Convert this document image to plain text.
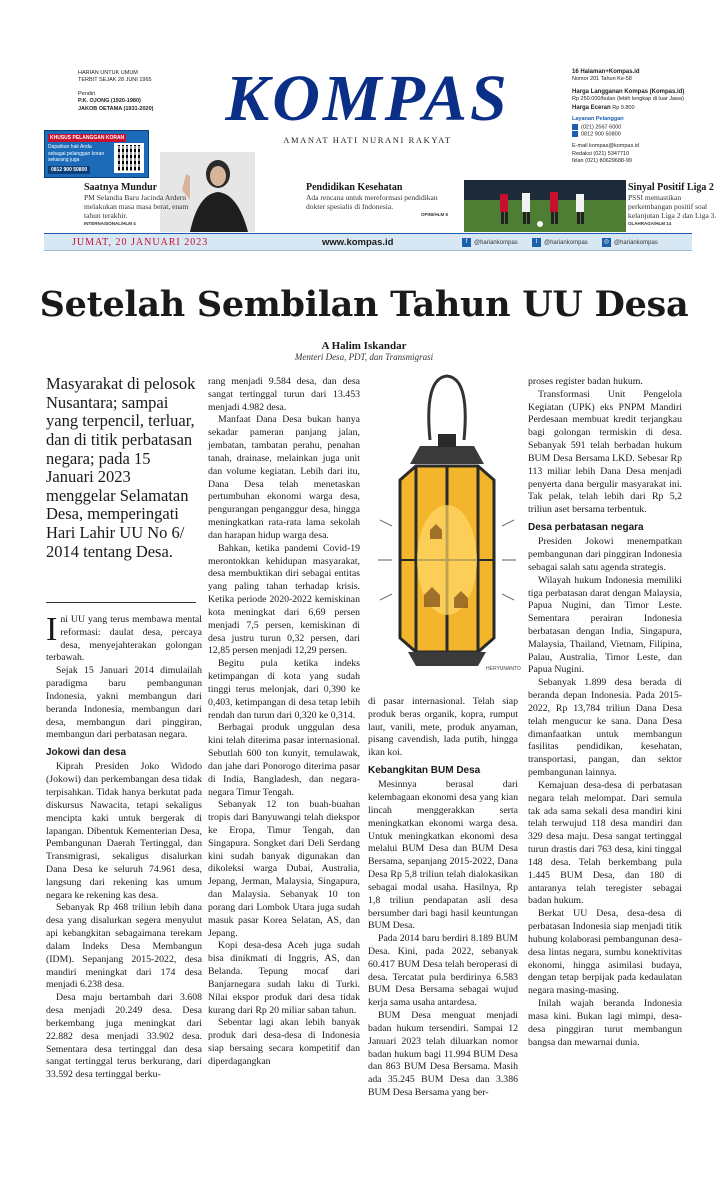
HARIAN UNTUK UMUM
TERBIT SEJAK 28 JUNI 1965
Pendiri
P.K. OJONG (1920-1980)
JAKOB OETAMA (1931-2020)	KOMPAS
AMANAT HATI NURANI RAKYAT
16 Halaman+Kompas.id
Nomor 201 Tahun Ke-58
Harga Langganan Kompas (Kompas.id)
Rp 250.000/bulan (lebih lengkap di luar Jawa)
Harga Eceran Rp 9.800
Layanan Pelanggan
(021) 2567 6000
0812 900 50800
E-mail kompas@kompas.id
Redaksi (021) 5347710
Iklan (021) 80629688-99
KHUSUS PELANGGAN KORAN
Dapatkan hak Anda sebagai pelanggan koran sekarang juga
0812 900 50800
Saatnya Mundur
PM Selandia Baru Jacinda Ardern melakukan masa masa berat, enam tahun terakhir.
INTERNASIONAL/HLM 4
Pendidikan Kesehatan
Ada rencana untuk mereformasi pendidikan dokter spesialis di Indonesia.
OPINI/HLM 6
Sinyal Positif Liga 2
PSSI memastikan perkembangan positif soal kelanjutan Liga 2 dan Liga 3.
OLAHRAGA/HLM 14
JUMAT, 20 JANUARI 2023	www.kompas.id	f @hariankompas	t @hariankompas	◎ @hariankompas
Setelah Sembilan Tahun UU Desa
A Halim Iskandar
Menteri Desa, PDT, dan Transmigrasi
Masyarakat di pelosok Nusantara; sampai yang terpencil, terluar, dan di titik perbatasan negara; pada 15 Januari 2023 menggelar Selamatan Desa, memperingati Hari Lahir UU No 6/ 2014 tentang Desa.

Ini UU yang terus membawa mental reformasi: daulat desa, percaya desa, menyejahterakan golongan terbawah.

Sejak 15 Januari 2014 dimulailah paradigma baru pembangunan Indonesia, yakni membangun dari beranda Indonesia, membangun dari desa, membangun dari pinggiran, membangun dari perbatasan negara.

Jokowi dan desa

Kiprah Presiden Joko Widodo (Jokowi) dan perkembangan desa tidak terpisahkan. Tidak hanya berkutat pada diskursus Nawacita, tetapi sekaligus mencipta kaki untuk bergerak di lapangan. Dibentuk Kementerian Desa, Pembangunan Daerah Tertinggal, dan Transmigrasi, sekaligus disalurkan Dana Desa ke seluruh 74.961 desa, langsung dari rekening kas umum negara ke rekening kas desa.

Sebanyak Rp 468 triliun lebih dana desa yang disalurkan segera menyulut api kebangkitan sebagaimana terekam dalam Indeks Desa Membangun (IDM). Sepanjang 2015-2022, desa mandiri meningkat dari 174 desa menjadi 6.238 desa.

Desa maju bertambah dari 3.608 desa menjadi 20.249 desa. Desa berkembang juga meningkat dari 22.882 desa menjadi 33.902 desa. Sementara desa tertinggal dan desa sangat tertinggal terus berkurang, dari 33.592 desa tertinggal berku-

rang menjadi 9.584 desa, dan desa sangat tertinggal turun dari 13.453 menjadi 4.982 desa.

Manfaat Dana Desa bukan hanya sekadar pameran panjang jalan, jembatan, tambatan perahu, penahan tanah, drainase, melainkan juga unit dan volume kegiatan. Lebih dari itu, Dana Desa telah menetaskan pertumbuhan ekonomi warga desa, pengurangan penganggur desa, hingga meningkatkan rata-rata lama sekolah dan harapan hidup warga desa.

Bahkan, ketika pandemi Covid-19 merontokkan kehidupan masyarakat, desa membuktikan diri sebagai entitas yang paling tahan terhadap krisis. Ketika periode 2020-2022 kemiskinan kota meningkat dari 6,69 persen menjadi 7,5 persen, kemiskinan di desa justru turun 0,32 persen, dari 12,85 persen menjadi 12,29 persen.

Begitu pula ketika indeks ketimpangan di kota yang sudah tinggi terus melonjak, dari 0,390 ke 0,403, ketimpangan di desa tetap lebih rendah dan turun dari 0,320 ke 0,314.

Berbagai produk unggulan desa kini telah diterima pasar internasional. Sebutlah 600 ton kunyit, temulawak, dan jahe dari Ponorogo diterima pasar di India, Bangladesh, dan negara-negara Timur Tengah.

Sebanyak 12 ton buah-buahan tropis dari Banyuwangi telah diekspor ke Eropa, Timur Tengah, dan Singapura. Songket dari Deli Serdang kini sudah banyak digunakan dan dikoleksi warga Dubai, Australia, Jepang, Jerman, Malaysia, Singapura, dan Malaysia. Sebanyak 10 ton porang dari Lombok Utara juga sudah masuk pasar Korea Selatan, AS, dan Jepang.

Kopi desa-desa Aceh juga sudah bisa dinikmati di Inggris, AS, dan Belanda. Tepung mocaf dari Banjarnegara sudah laku di Turki. Nilai ekspor produk dari desa tidak kurang dari Rp 20 miliar saban tahun.

Sebentar lagi akan lebih banyak produk dari desa-desa di Indonesia siap bersaing secara kompetitif dan diperdagangkan

di pasar internasional. Telah siap produk beras organik, kopra, rumput laut, vanili, mete, produk anyaman, pisang cavendish, lada putih, hingga ikan koi.

Kebangkitan BUM Desa

Mesinnya berasal dari kelembagaan ekonomi desa yang kian lincah menggerakkan serta meningkatkan ekonomi warga desa. Untuk meningkatkan ekonomi desa melalui BUM Desa dan BUM Desa Bersama, sepanjang 2015-2022, Dana Desa Rp 5,8 triliun telah dialokasikan sebagai modal usaha. Hasilnya, Rp 1,8 triliun pendapatan asli desa bersumber dari bagi hasil keuntungan BUM Desa.

Pada 2014 baru berdiri 8.189 BUM Desa. Kini, pada 2022, sebanyak 60.417 BUM Desa telah beroperasi di desa. Tercatat pula berdirinya 6.583 BUM Desa Bersama sebagai wujud kerja sama usaha antardesa.

BUM Desa menguat menjadi badan hukum tersendiri. Sampai 12 Januari 2023 telah diluarkan nomor badan hukum bagi 11.994 BUM Desa dan 863 BUM Desa Bersama. Masih ada 35.245 BUM Desa dan 3.386 BUM Desa Bersama yang ber-

proses register badan hukum.

Transformasi Unit Pengelola Kegiatan (UPK) eks PNPM Mandiri Perdesaan membuat kredit terjangkau bagi golongan termiskin di desa. Sebanyak 591 telah berbadan hukum BUM Desa Bersama LKD. Sebesar Rp 113 miliar lebih Dana Desa menjadi penyerta dana bergulir masyarakat ini. Tak pelak, telah lebih dari Rp 5,2 triliun aset bersama terbentuk.

Desa perbatasan negara

Presiden Jokowi menempatkan pembangunan dari pinggiran Indonesia sebagai salah satu agenda strategis.

Wilayah hukum Indonesia memiliki tiga perbatasan darat dengan Malaysia, Papua Nugini, dan Timor Leste. Sementara perairan Indonesia berbatasan dengan India, Singapura, Malaysia, Thailand, Vietnam, Filipina, Palau, Australia, Timor Leste, dan Papua Nugini.

Sebanyak 1.899 desa berada di beranda depan Indonesia. Pada 2015-2022, Rp 13,784 triliun Dana Desa telah mengucur ke sana. Dana Desa dimanfaatkan untuk membangun fasilitas pendidikan, kesehatan, transportasi, pangan, dan sektor pembangunan lainnya.

Kemajuan desa-desa di perbatasan negara telah melompat. Dari semula tak ada sama sekali desa mandiri kini telah terwujud 118 desa mandiri dan 329 desa maju. Desa sangat tertinggal turun drastis dari 763 desa, kini tinggal 148 desa. Telah berkembang pula 1.445 BUM Desa, dan 180 di antaranya telah teregister sebagai badan hukum.

Berkat UU Desa, desa-desa di perbatasan Indonesia siap menjadi titik hubung kolaborasi pembangunan desa-desa lintas negara, sumbu konektivitas ekonomi, hingga asimilasi budaya, dengan tetap berpijak pada kedaulatan negara masing-masing.

Inilah wajah beranda Indonesia masa kini. Bukan lagi mimpi, desa-desa pinggiran turut membangun bangsa dan mewarnai dunia.

HERYUNANTO
